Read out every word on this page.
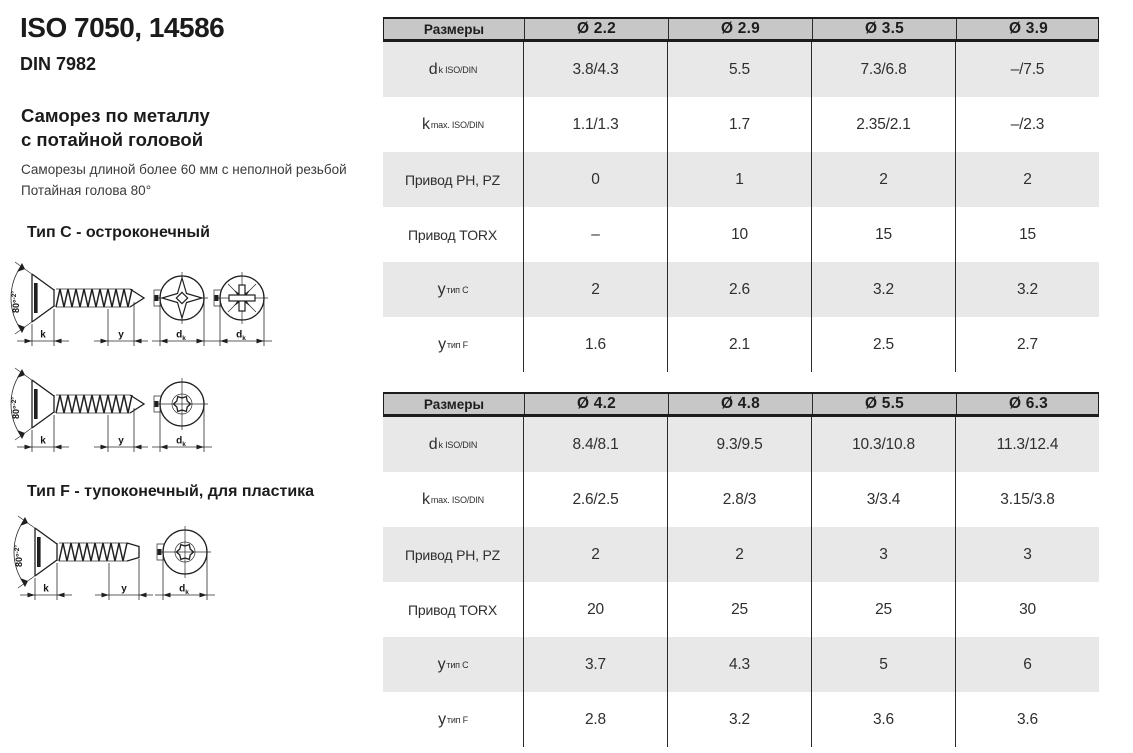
ISO 7050, 14586
DIN 7982
Саморез по металлу
с потайной головой
Саморезы длиной более 60 мм с неполной резьбой
Потайная голова 80°
Тип C - остроконечный
k	y
80°$^{-2^\circ}$
$d_k$	$d_k$
k	y
80°$^{-2^\circ}$
$d_k$
Тип F - тупоконечный, для пластика
k	y
80°$^{-2^\circ}$
$d_k$
Размеры	Ø 2.2	Ø 2.9	Ø 3.5	Ø 3.9
d k ISO/DIN	3.8/4.3	5.5	7.3/6.8	–/7.5
k max. ISO/DIN	1.1/1.3	1.7	2.35/2.1	–/2.3
Привод PH, PZ	0	1	2	2
Привод TORX	–	10	15	15
y тип C	2	2.6	3.2	3.2
y тип F	1.6	2.1	2.5	2.7
Размеры	Ø 4.2	Ø 4.8	Ø 5.5	Ø 6.3
d k ISO/DIN	8.4/8.1	9.3/9.5	10.3/10.8	11.3/12.4
k max. ISO/DIN	2.6/2.5	2.8/3	3/3.4	3.15/3.8
Привод PH, PZ	2	2	3	3
Привод TORX	20	25	25	30
y тип C	3.7	4.3	5	6
y тип F	2.8	3.2	3.6	3.6
